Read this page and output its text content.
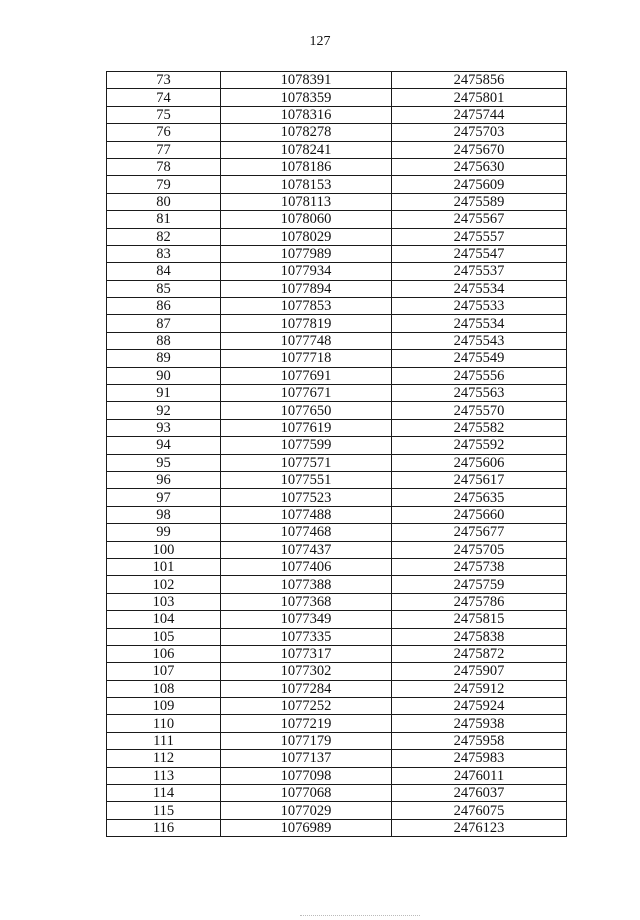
127
73	1078391	2475856
74	1078359	2475801
75	1078316	2475744
76	1078278	2475703
77	1078241	2475670
78	1078186	2475630
79	1078153	2475609
80	1078113	2475589
81	1078060	2475567
82	1078029	2475557
83	1077989	2475547
84	1077934	2475537
85	1077894	2475534
86	1077853	2475533
87	1077819	2475534
88	1077748	2475543
89	1077718	2475549
90	1077691	2475556
91	1077671	2475563
92	1077650	2475570
93	1077619	2475582
94	1077599	2475592
95	1077571	2475606
96	1077551	2475617
97	1077523	2475635
98	1077488	2475660
99	1077468	2475677
100	1077437	2475705
101	1077406	2475738
102	1077388	2475759
103	1077368	2475786
104	1077349	2475815
105	1077335	2475838
106	1077317	2475872
107	1077302	2475907
108	1077284	2475912
109	1077252	2475924
110	1077219	2475938
111	1077179	2475958
112	1077137	2475983
113	1077098	2476011
114	1077068	2476037
115	1077029	2476075
116	1076989	2476123
